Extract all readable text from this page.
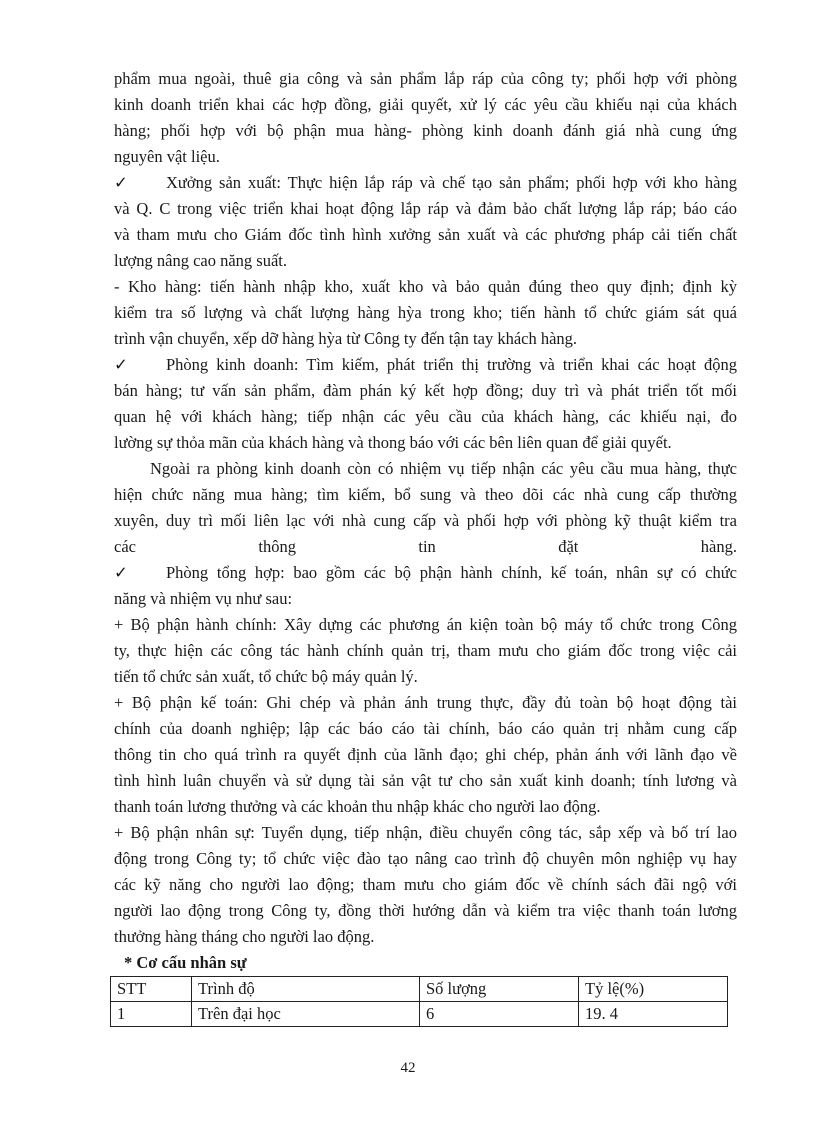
phẩm mua ngoài, thuê gia công và sản phẩm lắp ráp của công ty; phối hợp với phòng
kinh doanh triển khai các hợp đồng, giải quyết, xử lý các yêu cầu khiếu nại của khách
hàng; phối hợp với bộ phận mua hàng- phòng kinh doanh đánh giá nhà cung ứng
nguyên vật liệu.
✓ Xưởng sản xuất: Thực hiện lắp ráp và chế tạo sản phẩm; phối hợp với kho hàng
và Q. C trong việc triển khai hoạt động lắp ráp và đảm bảo chất lượng lắp ráp; báo cáo
và tham mưu cho Giám đốc tình hình xưởng sản xuất và các phương pháp cải tiến chất
lượng nâng cao năng suất.
- Kho hàng: tiến hành nhập kho, xuất kho và bảo quản đúng theo quy định; định kỳ
kiểm tra số lượng và chất lượng hàng hỳa trong kho; tiến hành tổ chức giám sát quá
trình vận chuyển, xếp dỡ hàng hỳa từ Công ty đến tận tay khách hàng.
✓ Phòng kinh doanh: Tìm kiếm, phát triển thị trường và triển khai các hoạt động
bán hàng; tư vấn sản phẩm, đàm phán ký kết hợp đồng; duy trì và phát triển tốt mối
quan hệ với khách hàng; tiếp nhận các yêu cầu của khách hàng, các khiếu nại, đo
lường sự thỏa mãn của khách hàng và thong báo với các bên liên quan để giải quyết.
Ngoài ra phòng kinh doanh còn có nhiệm vụ tiếp nhận các yêu cầu mua hàng, thực
hiện chức năng mua hàng; tìm kiếm, bổ sung và theo dõi các nhà cung cấp thường
xuyên, duy trì mối liên lạc với nhà cung cấp và phối hợp với phòng kỹ thuật kiểm tra
các thông tin đặt hàng.
✓ Phòng tổng hợp: bao gồm các bộ phận hành chính, kế toán, nhân sự có chức
năng và nhiệm vụ như sau:
+ Bộ phận hành chính: Xây dựng các phương án kiện toàn bộ máy tổ chức trong Công
ty, thực hiện các công tác hành chính quản trị, tham mưu cho giám đốc trong việc cải
tiến tổ chức sản xuất, tổ chức bộ máy quản lý.
+ Bộ phận kế toán: Ghi chép và phản ánh trung thực, đầy đủ toàn bộ hoạt động tài
chính của doanh nghiệp; lập các báo cáo tài chính, báo cáo quản trị nhằm cung cấp
thông tin cho quá trình ra quyết định của lãnh đạo; ghi chép, phản ánh với lãnh đạo về
tình hình luân chuyển và sử dụng tài sản vật tư cho sản xuất kinh doanh; tính lương và
thanh toán lương thưởng và các khoản thu nhập khác cho người lao động.
+ Bộ phận nhân sự: Tuyển dụng, tiếp nhận, điều chuyển công tác, sắp xếp và bố trí lao
động trong Công ty; tổ chức việc đào tạo nâng cao trình độ chuyên môn nghiệp vụ hay
các kỹ năng cho người lao động; tham mưu cho giám đốc về chính sách đãi ngộ với
người lao động trong Công ty, đồng thời hướng dẫn và kiểm tra việc thanh toán lương
thưởng hàng tháng cho người lao động.
* Cơ cấu nhân sự
STT	Trình độ	Số lượng	Tỷ lệ(%)
1	Trên đại học	6	19. 4
42
